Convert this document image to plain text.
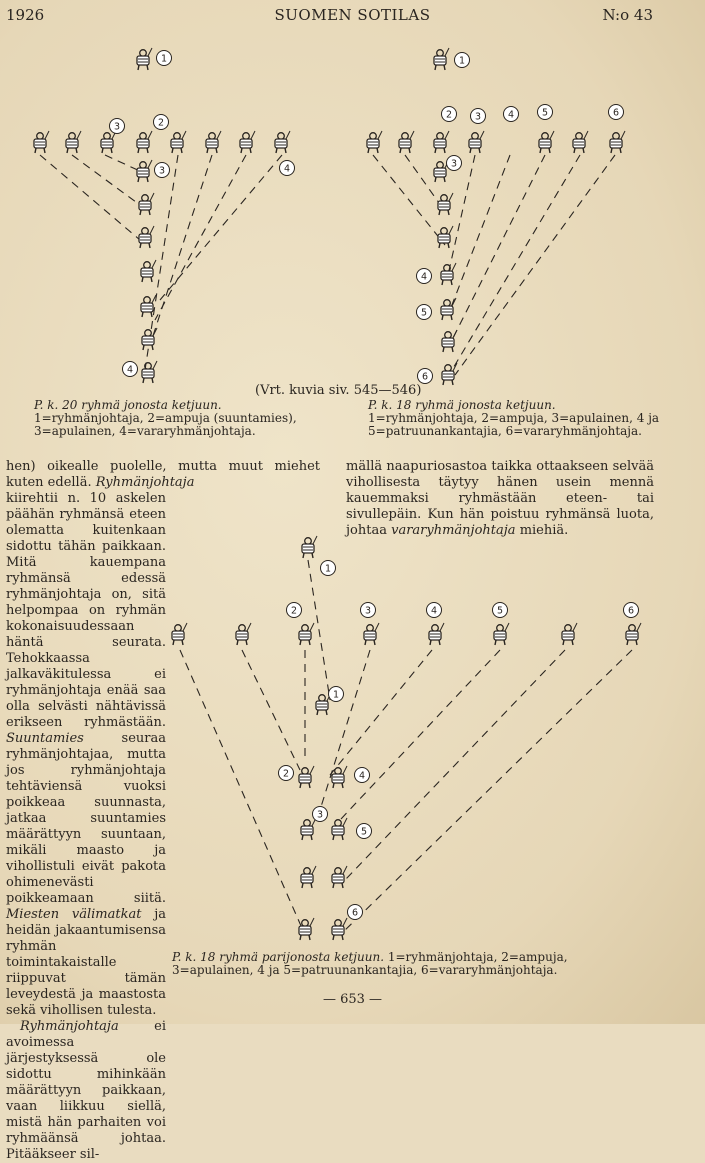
1926	SUOMEN SOTILAS	N:o 43
1
3	2
3	4
4
1
2 3	4	5	6
3
4
5
6
1
2	3	4	5	6
1
2	4
3
5
6
(Vrt. kuvia siv. 545—546)
P. k. 20 ryhmä jonosta ketjuun. 1=ryhmänjohtaja, 2=ampuja (suuntamies), 3=apulainen, 4=vararyhmänjohtaja.
P. k. 18 ryhmä jonosta ketjuun. 1=ryhmänjohtaja, 2=ampuja, 3=apulainen, 4 ja 5=patruunankantajia, 6=vararyhmänjohtaja.

hen) oikealle puolelle, mutta muut miehet kuten edellä. Ryhmänjohtaja

kiirehtii n. 10 askelen päähän ryhmänsä eteen olematta kuitenkaan sidottu tähän paikkaan. Mitä kauempana ryhmänsä edessä ryhmänjohtaja on, sitä helpompaa on ryhmän kokonaisuudessaan häntä seurata. Tehokkaassa jalkaväkitulessa ei ryhmänjohtaja enää saa olla selvästi nähtävissä erikseen ryhmästään. Suuntamies	seuraa ryhmänjohtajaa, mutta jos ryhmänjohtaja tehtäviensä vuoksi poikkeaa suunnasta, jatkaa suuntamies määrättyyn suuntaan, mikäli maasto ja vihollistuli eivät pakota ohimenevästi poikkeamaan siitä. Miesten välimatkat ja heidän jakaantumisensa ryhmän toimintakaistalle riippuvat tämän leveydestä ja maastosta sekä vihollisen tulesta.

Ryhmänjohtaja	ei avoimessa järjestyksessä ole sidottu mihinkään määrättyyn paikkaan, vaan liikkuu siellä, mistä hän parhaiten voi ryhmäänsä johtaa. Pitääkseer sil-

mällä naapuriosastoa taikka ottaakseen selvää vihollisesta täytyy hänen usein mennä kauemmaksi ryhmästään eteen- tai sivullepäin. Kun hän poistuu ryhmänsä luota, johtaa vararyhmänjohtaja miehiä.

P. k. 18 ryhmä parijonosta ketjuun. 1=ryhmänjohtaja, 2=ampuja, 3=apulainen, 4 ja 5=patruunankantajia, 6=vararyhmänjohtaja.
— 653 —
